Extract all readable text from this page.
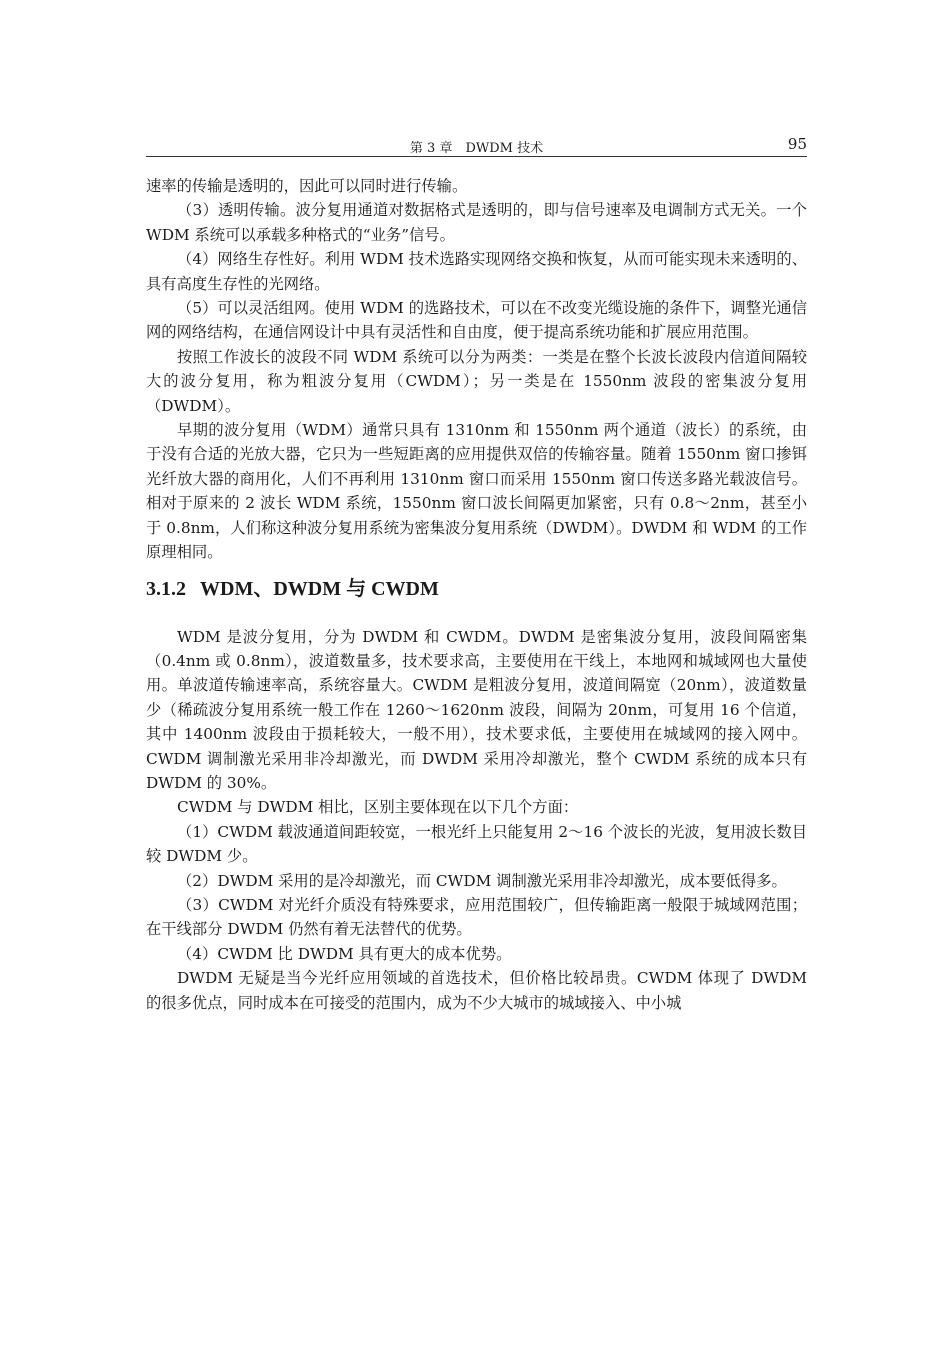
第 3 章　DWDM 技术	95

速率的传输是透明的，因此可以同时进行传输。

（3）透明传输。波分复用通道对数据格式是透明的，即与信号速率及电调制方式无关。一个 WDM 系统可以承载多种格式的“业务”信号。

（4）网络生存性好。利用 WDM 技术选路实现网络交换和恢复，从而可能实现未来透明的、具有高度生存性的光网络。

（5）可以灵活组网。使用 WDM 的选路技术，可以在不改变光缆设施的条件下，调整光通信网的网络结构，在通信网设计中具有灵活性和自由度，便于提高系统功能和扩展应用范围。

按照工作波长的波段不同 WDM 系统可以分为两类：一类是在整个长波长波段内信道间隔较大的波分复用，称为粗波分复用（CWDM）；另一类是在 1550nm 波段的密集波分复用（DWDM）。

早期的波分复用（WDM）通常只具有 1310nm 和 1550nm 两个通道（波长）的系统，由于没有合适的光放大器，它只为一些短距离的应用提供双倍的传输容量。随着 1550nm 窗口掺铒光纤放大器的商用化，人们不再利用 1310nm 窗口而采用 1550nm 窗口传送多路光载波信号。相对于原来的 2 波长 WDM 系统，1550nm 窗口波长间隔更加紧密，只有 0.8～2nm，甚至小于 0.8nm，人们称这种波分复用系统为密集波分复用系统（DWDM）。DWDM 和 WDM 的工作原理相同。

3.1.2 WDM、DWDM 与 CWDM

WDM 是波分复用，分为 DWDM 和 CWDM。DWDM 是密集波分复用，波段间隔密集（0.4nm 或 0.8nm），波道数量多，技术要求高，主要使用在干线上，本地网和城域网也大量使用。单波道传输速率高，系统容量大。CWDM 是粗波分复用，波道间隔宽（20nm），波道数量少（稀疏波分复用系统一般工作在 1260～1620nm 波段，间隔为 20nm，可复用 16 个信道，其中 1400nm 波段由于损耗较大，一般不用），技术要求低，主要使用在城域网的接入网中。CWDM 调制激光采用非冷却激光，而 DWDM 采用冷却激光，整个 CWDM 系统的成本只有 DWDM 的 30%。

CWDM 与 DWDM 相比，区别主要体现在以下几个方面：

（1）CWDM 载波通道间距较宽，一根光纤上只能复用 2～16 个波长的光波，复用波长数目较 DWDM 少。

（2）DWDM 采用的是冷却激光，而 CWDM 调制激光采用非冷却激光，成本要低得多。

（3）CWDM 对光纤介质没有特殊要求，应用范围较广，但传输距离一般限于城域网范围；在干线部分 DWDM 仍然有着无法替代的优势。

（4）CWDM 比 DWDM 具有更大的成本优势。

DWDM 无疑是当今光纤应用领域的首选技术，但价格比较昂贵。CWDM 体现了 DWDM 的很多优点，同时成本在可接受的范围内，成为不少大城市的城域接入、中小城
